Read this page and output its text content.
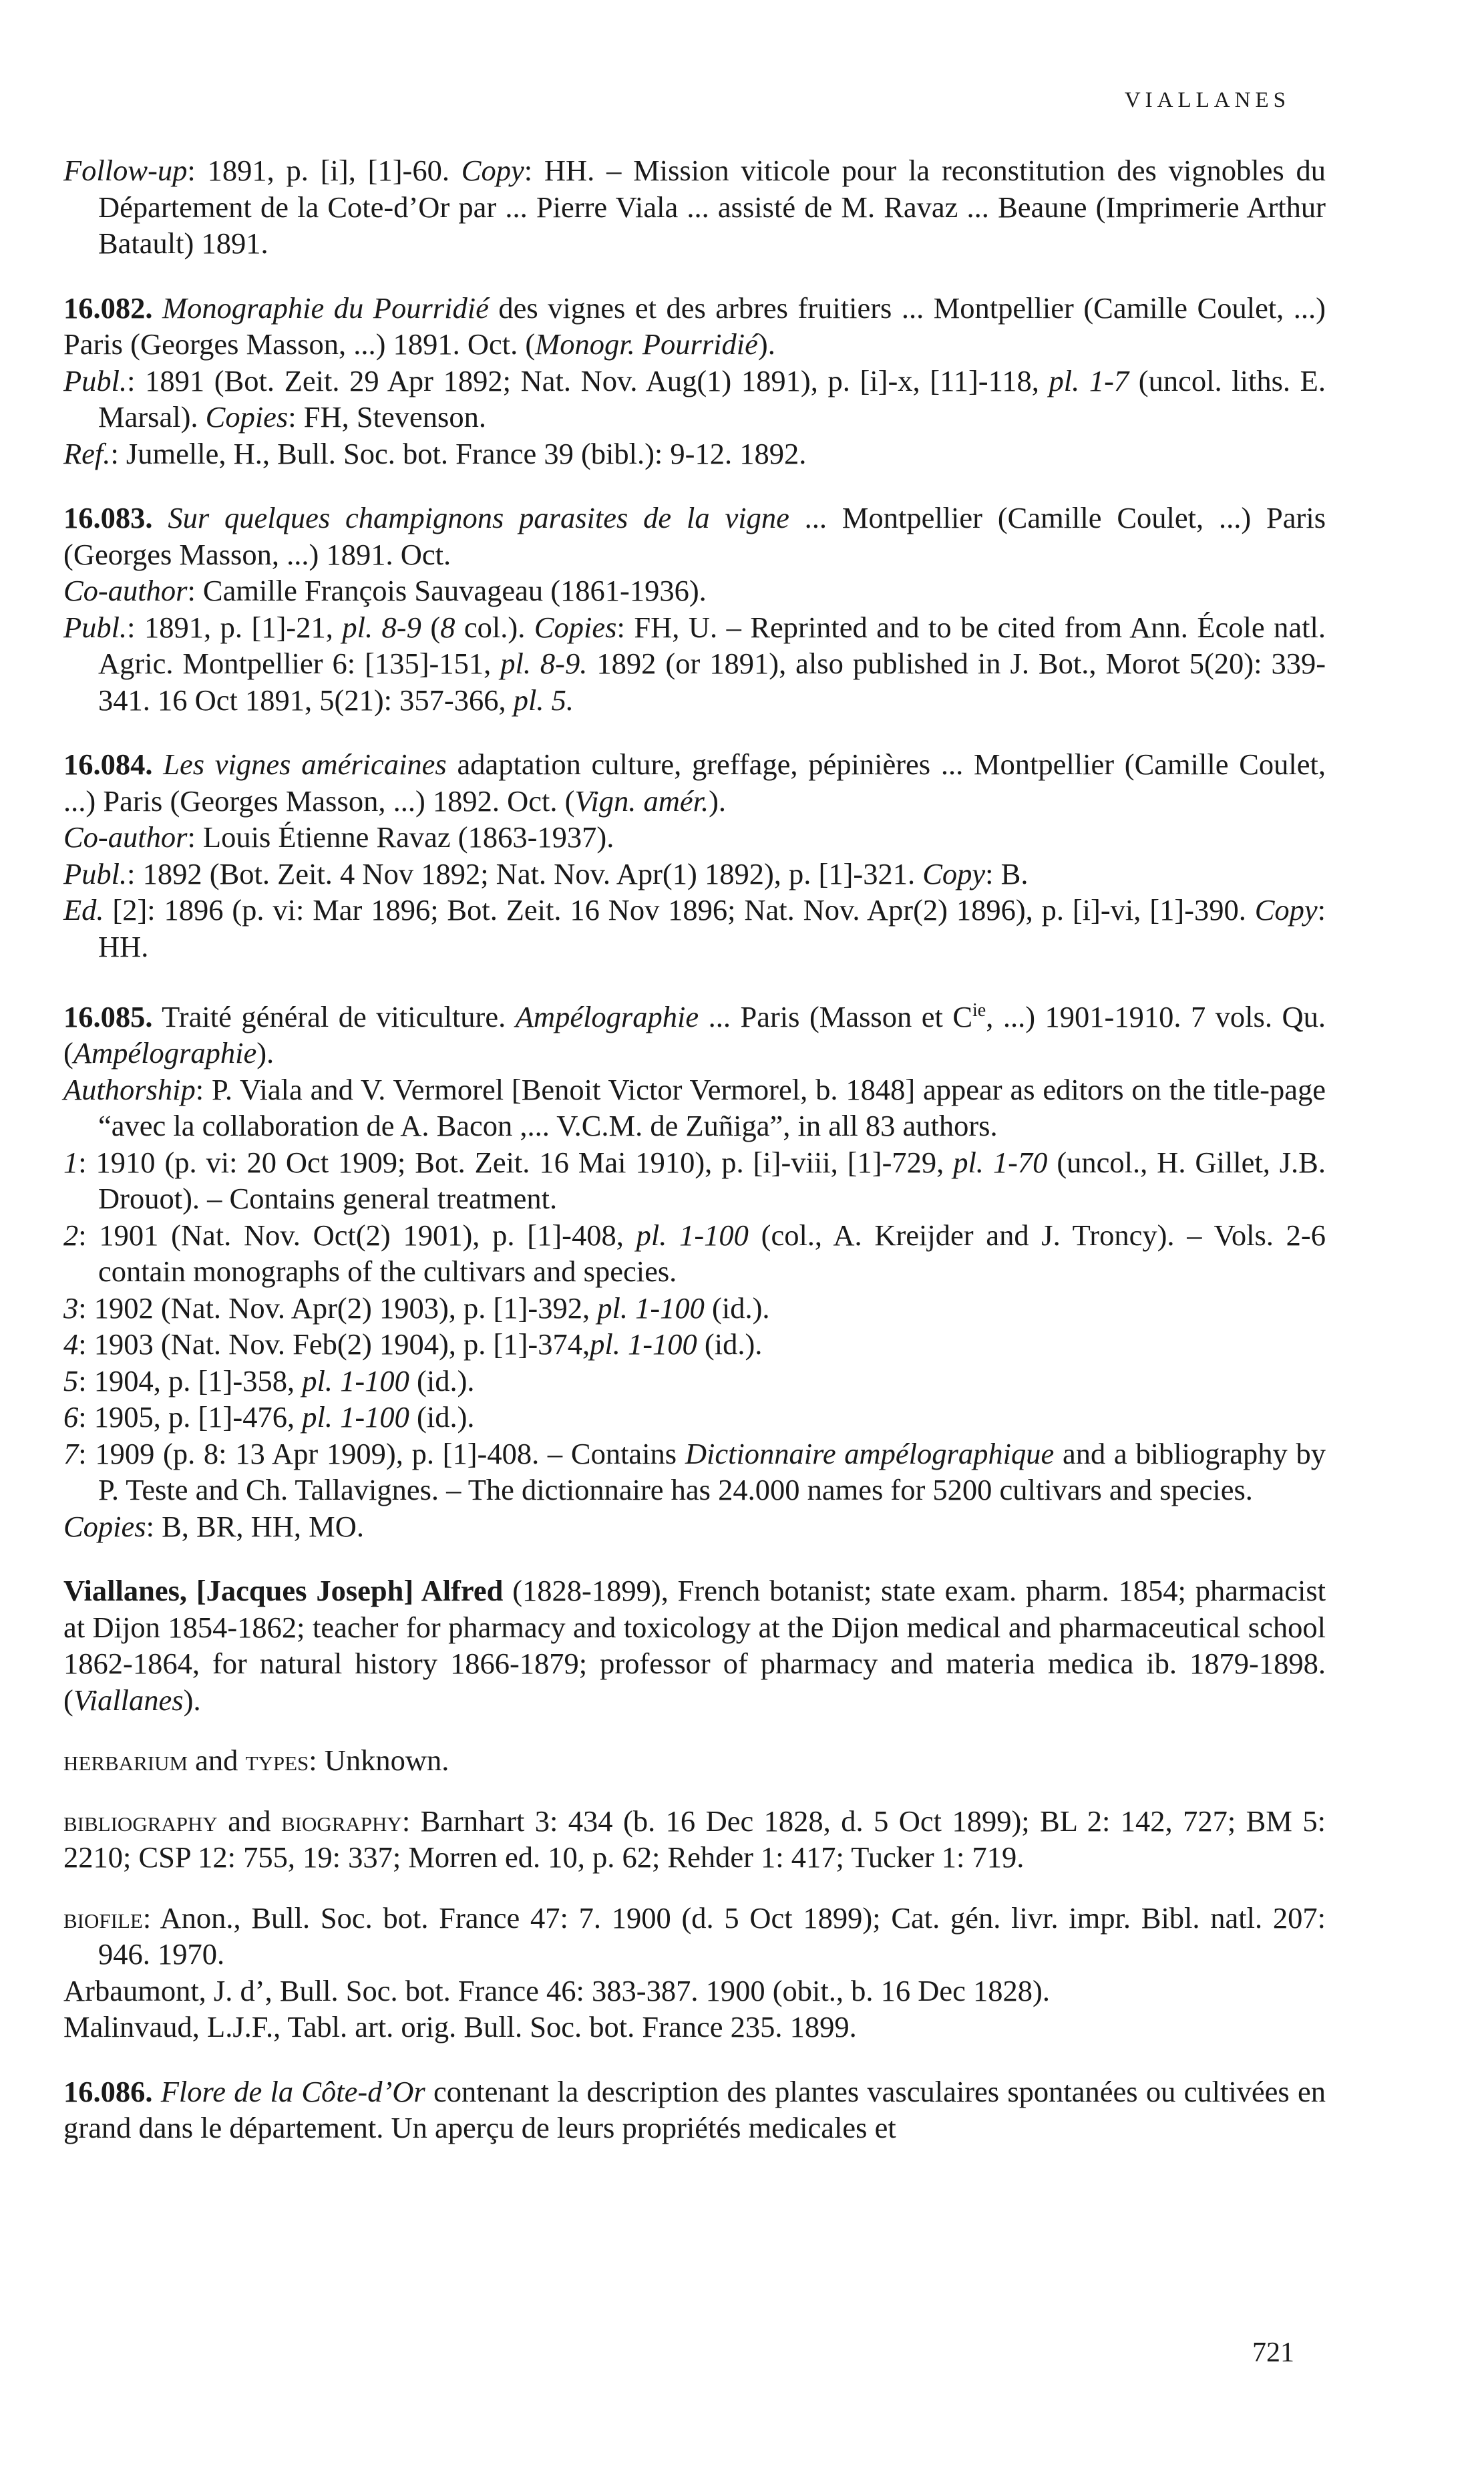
VIALLANES

Follow-up: 1891, p. [i], [1]-60. Copy: HH. – Mission viticole pour la reconstitution des vignobles du Département de la Cote-d’Or par ... Pierre Viala ... assisté de M. Ravaz ... Beaune (Imprimerie Arthur Batault) 1891.

16.082. Monographie du Pourridié des vignes et des arbres fruitiers ... Montpellier (Camille Coulet, ...) Paris (Georges Masson, ...) 1891. Oct. (Monogr. Pourridié).

Publ.: 1891 (Bot. Zeit. 29 Apr 1892; Nat. Nov. Aug(1) 1891), p. [i]-x, [11]-118, pl. 1-7 (uncol. liths. E. Marsal). Copies: FH, Stevenson.

Ref.: Jumelle, H., Bull. Soc. bot. France 39 (bibl.): 9-12. 1892.

16.083. Sur quelques champignons parasites de la vigne ... Montpellier (Camille Coulet, ...) Paris (Georges Masson, ...) 1891. Oct.

Co-author: Camille François Sauvageau (1861-1936).

Publ.: 1891, p. [1]-21, pl. 8-9 (8 col.). Copies: FH, U. – Reprinted and to be cited from Ann. École natl. Agric. Montpellier 6: [135]-151, pl. 8-9. 1892 (or 1891), also published in J. Bot., Morot 5(20): 339-341. 16 Oct 1891, 5(21): 357-366, pl. 5.

16.084. Les vignes américaines adaptation culture, greffage, pépinières ... Montpellier (Camille Coulet, ...) Paris (Georges Masson, ...) 1892. Oct. (Vign. amér.).

Co-author: Louis Étienne Ravaz (1863-1937).

Publ.: 1892 (Bot. Zeit. 4 Nov 1892; Nat. Nov. Apr(1) 1892), p. [1]-321. Copy: B.

Ed. [2]: 1896 (p. vi: Mar 1896; Bot. Zeit. 16 Nov 1896; Nat. Nov. Apr(2) 1896), p. [i]-vi, [1]-390. Copy: HH.

16.085. Traité général de viticulture. Ampélographie ... Paris (Masson et $C^{ie}$, ...) 1901-1910. 7 vols. Qu. (Ampélographie).

Authorship: P. Viala and V. Vermorel [Benoit Victor Vermorel, b. 1848] appear as editors on the title-page “avec la collaboration de A. Bacon ,... V.C.M. de Zuñiga”, in all 83 authors.

1: 1910 (p. vi: 20 Oct 1909; Bot. Zeit. 16 Mai 1910), p. [i]-viii, [1]-729, pl. 1-70 (uncol., H. Gillet, J.B. Drouot). – Contains general treatment.

2: 1901 (Nat. Nov. Oct(2) 1901), p. [1]-408, pl. 1-100 (col., A. Kreijder and J. Troncy). – Vols. 2-6 contain monographs of the cultivars and species.

3: 1902 (Nat. Nov. Apr(2) 1903), p. [1]-392, pl. 1-100 (id.).

4: 1903 (Nat. Nov. Feb(2) 1904), p. [1]-374,pl. 1-100 (id.).

5: 1904, p. [1]-358, pl. 1-100 (id.).

6: 1905, p. [1]-476, pl. 1-100 (id.).

7: 1909 (p. 8: 13 Apr 1909), p. [1]-408. – Contains Dictionnaire ampélographique and a bibliography by P. Teste and Ch. Tallavignes. – The dictionnaire has 24.000 names for 5200 cultivars and species.

Copies: B, BR, HH, MO.

Viallanes, [Jacques Joseph] Alfred (1828-1899), French botanist; state exam. pharm. 1854; pharmacist at Dijon 1854-1862; teacher for pharmacy and toxicology at the Dijon medical and pharmaceutical school 1862-1864, for natural history 1866-1879; professor of pharmacy and materia medica ib. 1879-1898. (Viallanes).

herbarium and types: Unknown.

bibliography and biography: Barnhart 3: 434 (b. 16 Dec 1828, d. 5 Oct 1899); BL 2: 142, 727; BM 5: 2210; CSP 12: 755, 19: 337; Morren ed. 10, p. 62; Rehder 1: 417; Tucker 1: 719.

biofile: Anon., Bull. Soc. bot. France 47: 7. 1900 (d. 5 Oct 1899); Cat. gén. livr. impr. Bibl. natl. 207: 946. 1970.

Arbaumont, J. d’, Bull. Soc. bot. France 46: 383-387. 1900 (obit., b. 16 Dec 1828).

Malinvaud, L.J.F., Tabl. art. orig. Bull. Soc. bot. France 235. 1899.

16.086. Flore de la Côte-d’Or contenant la description des plantes vasculaires spontanées ou cultivées en grand dans le département. Un aperçu de leurs propriétés medicales et

721
